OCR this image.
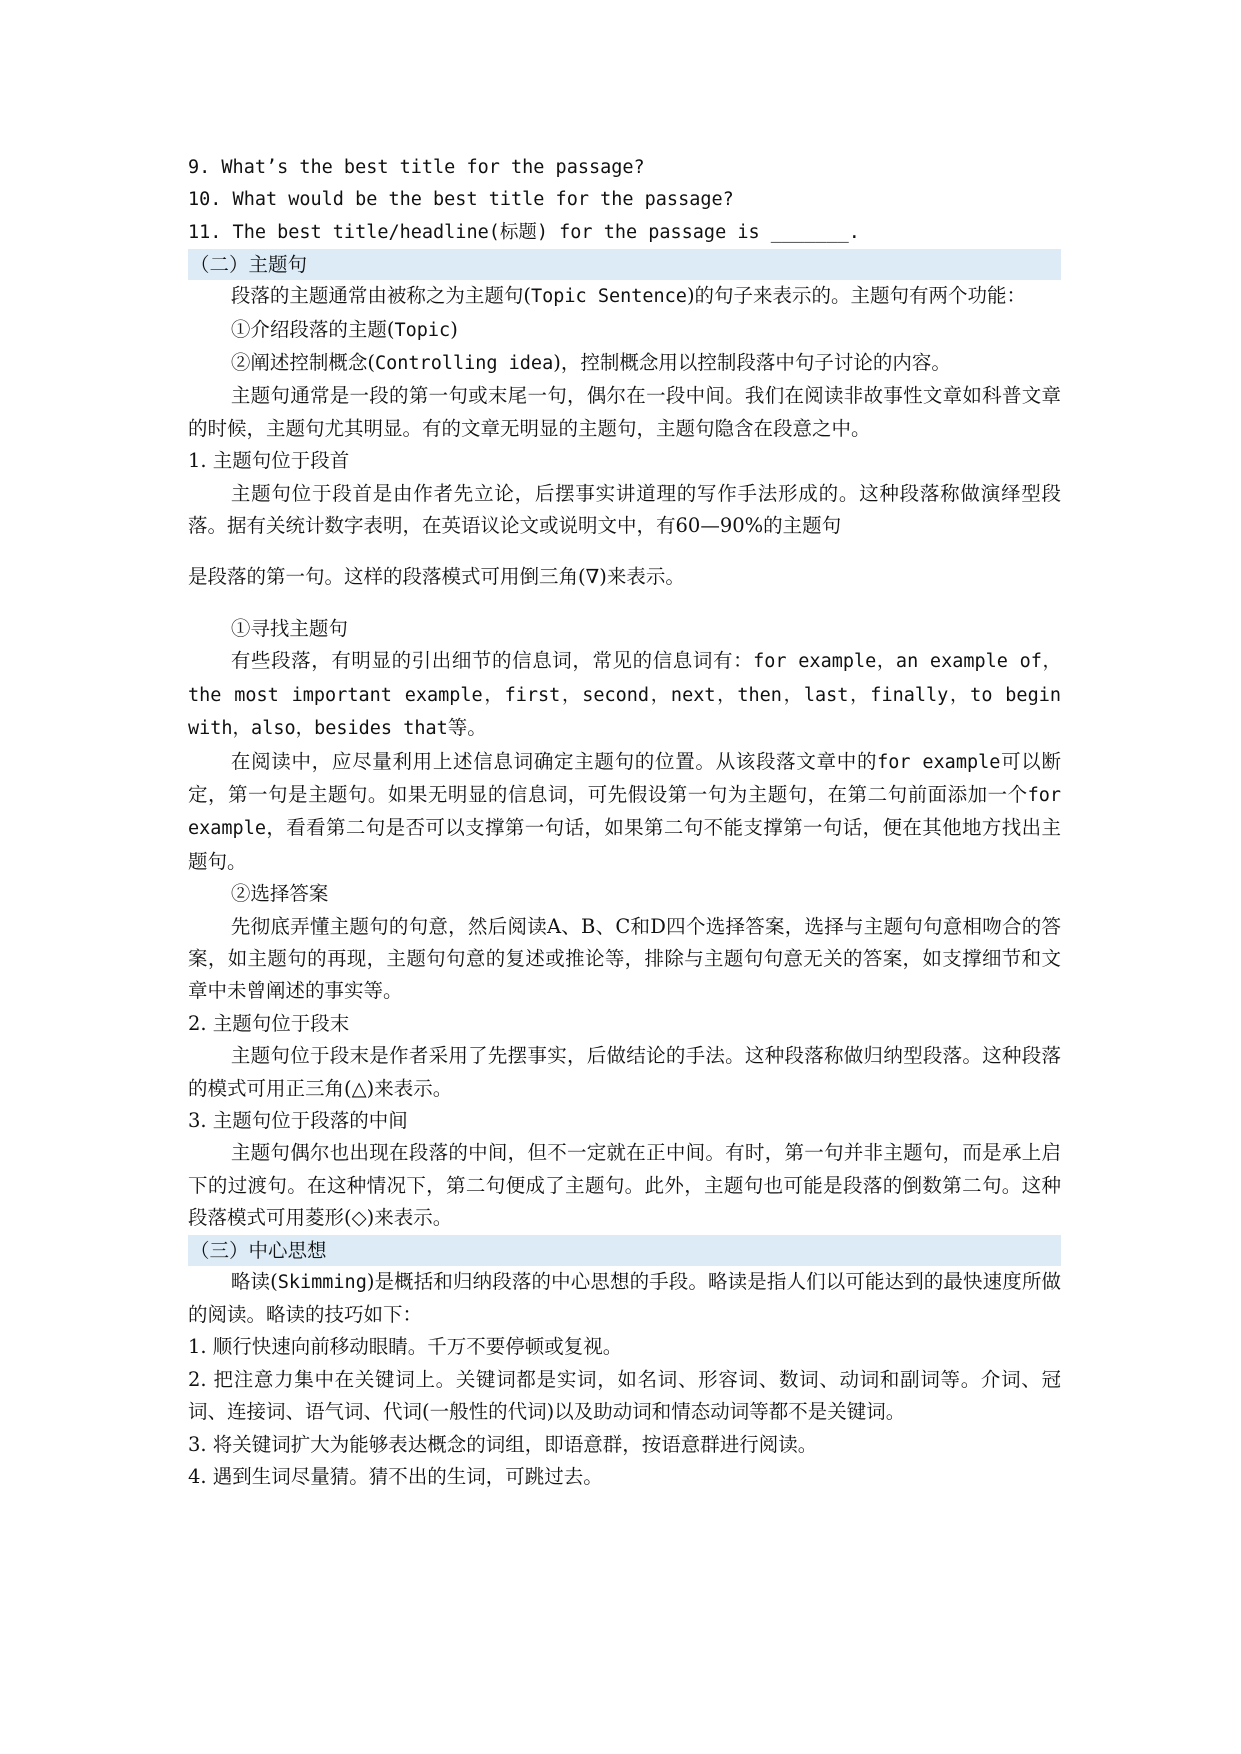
9. What’s the best title for the passage?

10. What would be the best title for the passage?

11. The best title/headline(标题) for the passage is _______.

（二）主题句

段落的主题通常由被称之为主题句(Topic Sentence)的句子来表示的。主题句有两个功能：

①介绍段落的主题(Topic)

②阐述控制概念(Controlling idea)，控制概念用以控制段落中句子讨论的内容。

主题句通常是一段的第一句或末尾一句，偶尔在一段中间。我们在阅读非故事性文章如科普文章的时候，主题句尤其明显。有的文章无明显的主题句，主题句隐含在段意之中。

1. 主题句位于段首

主题句位于段首是由作者先立论，后摆事实讲道理的写作手法形成的。这种段落称做演绎型段落。据有关统计数字表明，在英语议论文或说明文中，有60—90%的主题句

是段落的第一句。这样的段落模式可用倒三角(∇)来表示。

①寻找主题句

有些段落，有明显的引出细节的信息词，常见的信息词有：for example，an example of，the most important example，first，second，next，then，last，finally，to begin with，also，besides that等。

在阅读中，应尽量利用上述信息词确定主题句的位置。从该段落文章中的for example可以断定，第一句是主题句。如果无明显的信息词，可先假设第一句为主题句，在第二句前面添加一个for example，看看第二句是否可以支撑第一句话，如果第二句不能支撑第一句话，便在其他地方找出主题句。

②选择答案

先彻底弄懂主题句的句意，然后阅读A、B、C和D四个选择答案，选择与主题句句意相吻合的答案，如主题句的再现，主题句句意的复述或推论等，排除与主题句句意无关的答案，如支撑细节和文章中未曾阐述的事实等。

2. 主题句位于段末

主题句位于段末是作者采用了先摆事实，后做结论的手法。这种段落称做归纳型段落。这种段落的模式可用正三角(△)来表示。

3. 主题句位于段落的中间

主题句偶尔也出现在段落的中间，但不一定就在正中间。有时，第一句并非主题句，而是承上启下的过渡句。在这种情况下，第二句便成了主题句。此外，主题句也可能是段落的倒数第二句。这种段落模式可用菱形(◇)来表示。

（三）中心思想

略读(Skimming)是概括和归纳段落的中心思想的手段。略读是指人们以可能达到的最快速度所做的阅读。略读的技巧如下：

1. 顺行快速向前移动眼睛。千万不要停顿或复视。

2. 把注意力集中在关键词上。关键词都是实词，如名词、形容词、数词、动词和副词等。介词、冠词、连接词、语气词、代词(一般性的代词)以及助动词和情态动词等都不是关键词。

3. 将关键词扩大为能够表达概念的词组，即语意群，按语意群进行阅读。

4. 遇到生词尽量猜。猜不出的生词，可跳过去。
